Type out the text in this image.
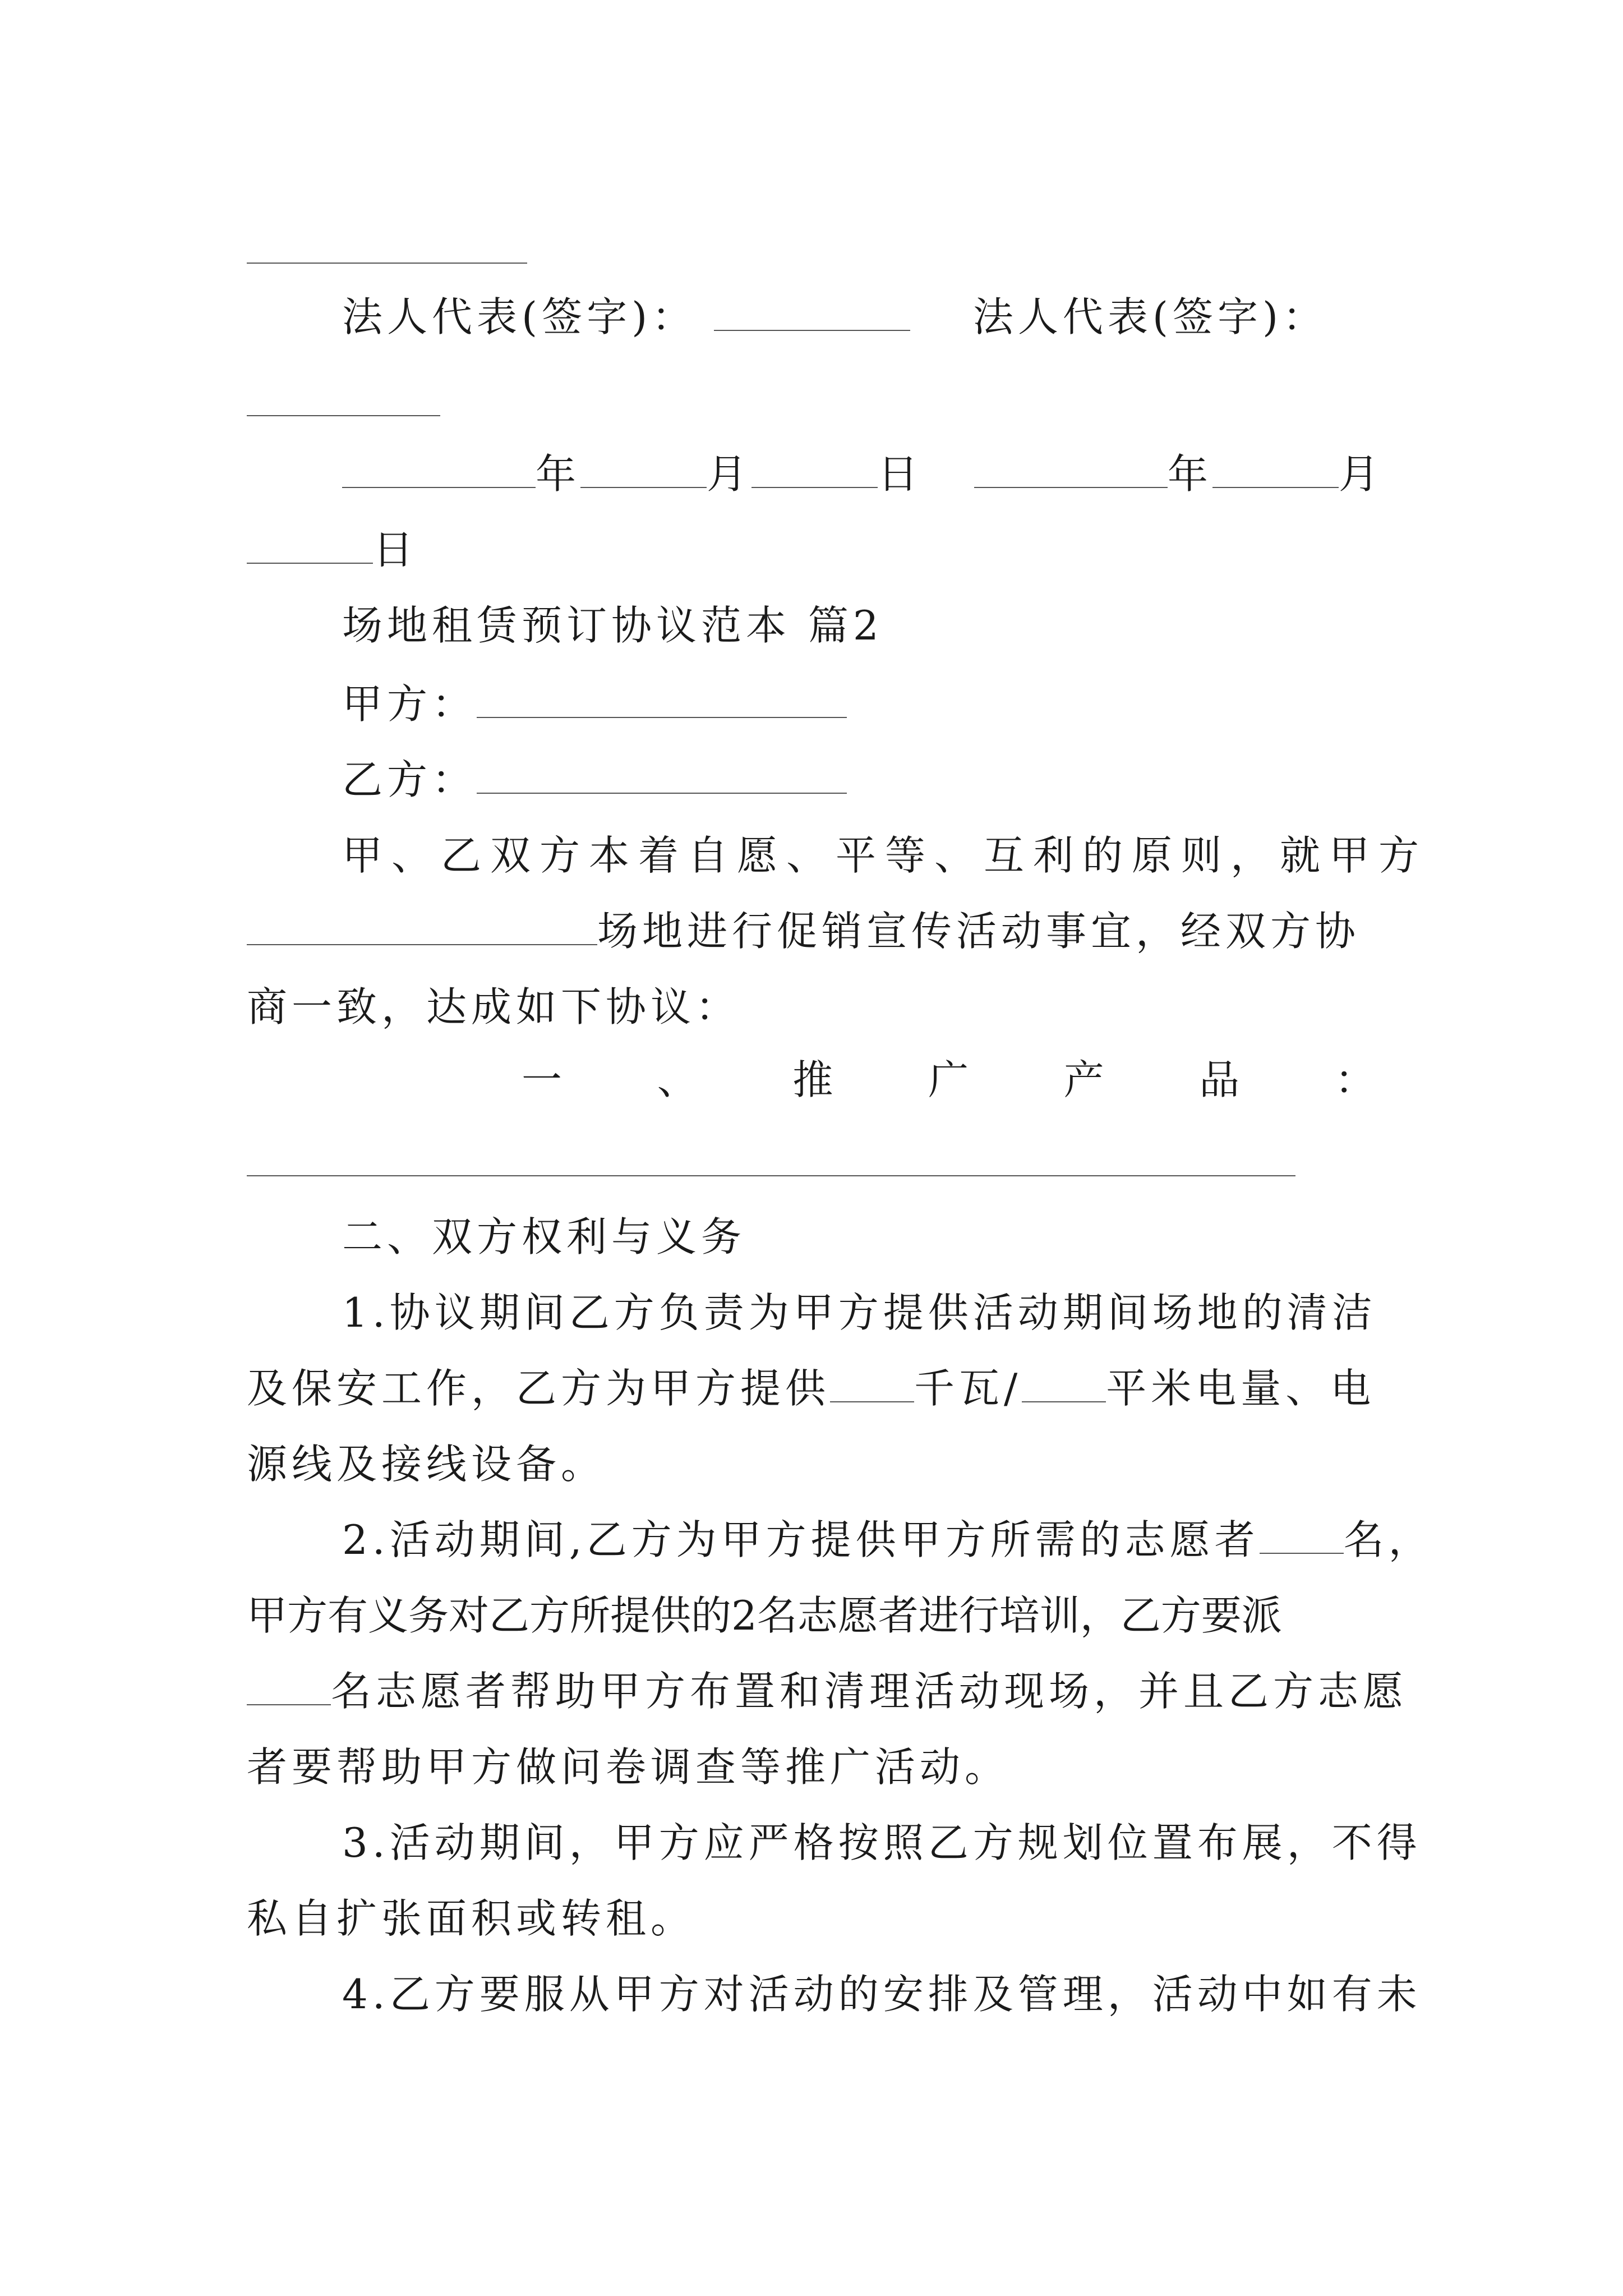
法人代表(签字)：	法人代表(签字)：
年	月	日	年	月
日
场地租赁预订协议范本 篇2
甲方：
乙方：
甲、乙双方本着自愿、平等、互利的原则，就甲方
场地进行促销宣传活动事宜，经双方协
商一致，达成如下协议：
一 、 推 广 产 品 ：
二、双方权利与义务
1.协议期间乙方负责为甲方提供活动期间场地的清洁
及保安工作，乙方为甲方提供 千瓦/ 平米电量、电
源线及接线设备。
2.活动期间,乙方为甲方提供甲方所需的志愿者 名，
甲方有义务对乙方所提供的2名志愿者进行培训，乙方要派
名志愿者帮助甲方布置和清理活动现场，并且乙方志愿
者要帮助甲方做问卷调查等推广活动。
3.活动期间，甲方应严格按照乙方规划位置布展，不得
私自扩张面积或转租。
4.乙方要服从甲方对活动的安排及管理，活动中如有未
